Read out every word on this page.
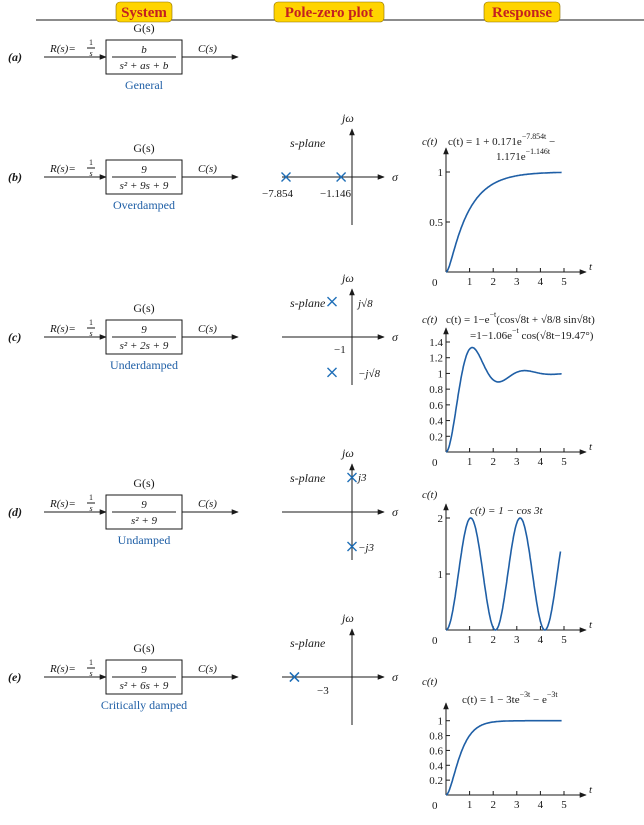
System	Pole-zero plot	Response
G(s)
b
s² + as + b
R(s)=
1
s	C(s)
(a)
General
G(s)
9
s² + 9s + 9
R(s)=
1
s	C(s)
(b)
Overdamped
σ
jω
s-plane
−7.854 −1.146
t
1 2 3 4 5
1
0.5
0
c(t) $c(t) = 1 + 0.171e^{-7.854t}$ −
$1.171e^{-1.146t}$
G(s)
9
s² + 2s + 9
R(s)=
1
s	C(s)
(c)
Underdamped
σ
jω
s-plane
−1
j√8
−j√8
t
1 2 3 4 5
1.4
1.2
1
0.8
0.6
0.4
0.2
0
c(t) $c(t) = 1-e^{-t}(\cos√8t + √8/8$ sin√8t)
$=1-1.06e^{-t}$ cos(√8t−19.47°)
G(s)
9
s² + 9
R(s)=
1
s	C(s)
(d)
Undamped
σ
jω
s-plane	j3
−j3
t
1 2 3 4 5
2
1
0
c(t)
c(t) = 1 − cos 3t
G(s)
9
s² + 6s + 9
R(s)=
1
s	C(s)
(e)
Critically damped
σ
jω
s-plane
−3
t
1 2 3 4 5
1
0.8
0.6
0.4
0.2
0
c(t)
$c(t) = 1 - 3te^{-3t} - e^{-3t}$
